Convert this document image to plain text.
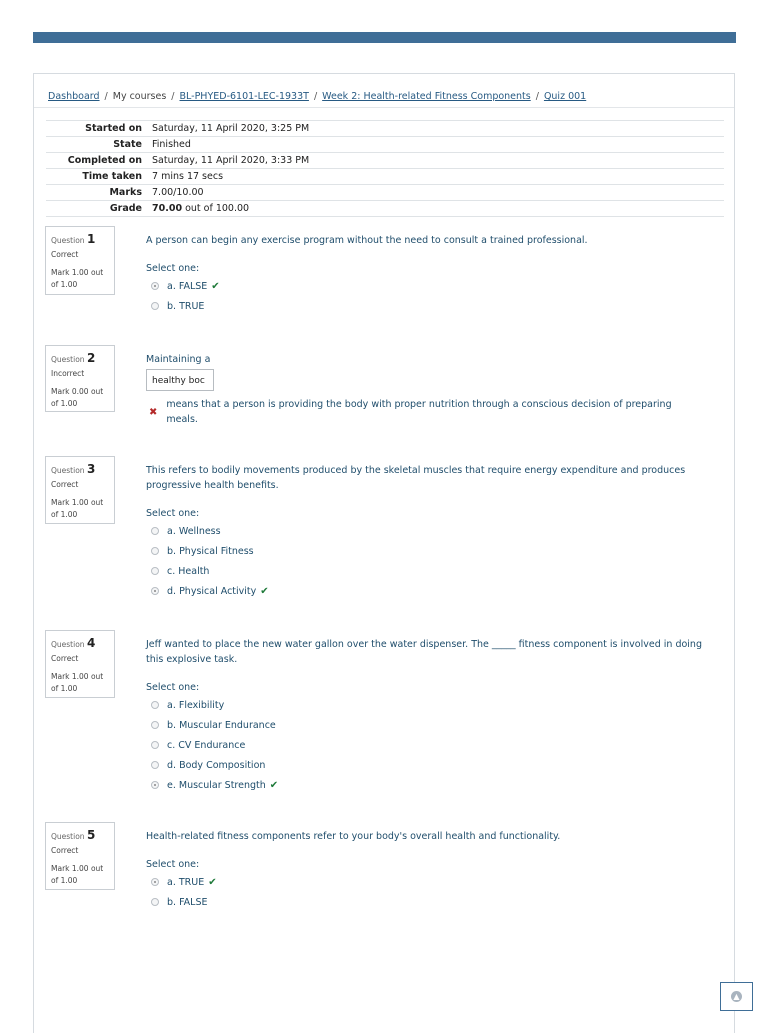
Dashboard / My courses / BL-PHYED-6101-LEC-1933T / Week 2: Health-related Fitness Components / Quiz 001
Started on	Saturday, 11 April 2020, 3:25 PM
State	Finished
Completed on	Saturday, 11 April 2020, 3:33 PM
Time taken	7 mins 17 secs
Marks	7.00/10.00
Grade	70.00 out of 100.00
Question 1
Correct
Mark 1.00 out of 1.00
A person can begin any exercise program without the need to consult a trained professional.
Select one:
a. FALSE ✔
b. TRUE
Question 2
Incorrect
Mark 0.00 out of 1.00
Maintaining a
healthy boc
✖
means that a person is providing the body with proper nutrition through a conscious decision of preparing meals.
Question 3
Correct
Mark 1.00 out of 1.00
This refers to bodily movements produced by the skeletal muscles that require energy expenditure and produces progressive health benefits.
Select one:
a. Wellness
b. Physical Fitness
c. Health
d. Physical Activity ✔
Question 4
Correct
Mark 1.00 out of 1.00
Jeff wanted to place the new water gallon over the water dispenser. The _____ fitness component is involved in doing this explosive task.
Select one:
a. Flexibility
b. Muscular Endurance
c. CV Endurance
d. Body Composition
e. Muscular Strength ✔
Question 5
Correct
Mark 1.00 out of 1.00
Health-related fitness components refer to your body's overall health and functionality.
Select one:
a. TRUE ✔
b. FALSE
▲
